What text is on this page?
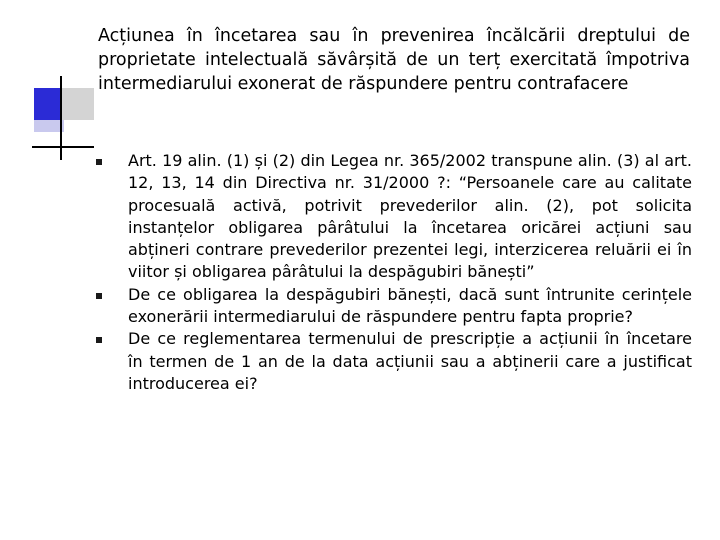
Acțiunea în încetarea sau în prevenirea încălcării dreptului de proprietate intelectuală săvârșită de un terț exercitată împotriva intermediarului exonerat de răspundere pentru contrafacere
Art. 19 alin. (1) și (2) din Legea nr. 365/2002 transpune alin. (3) al art. 12, 13, 14 din Directiva nr. 31/2000 ?: “Persoanele care au calitate procesuală activă, potrivit prevederilor alin. (2), pot solicita instanțelor obligarea pârâtului la încetarea oricărei acțiuni sau abțineri contrare prevederilor prezentei legi, interzicerea reluării ei în viitor și obligarea pârâtului la despăgubiri bănești”
De ce obligarea la despăgubiri bănești, dacă sunt întrunite cerințele exonerării intermediarului de răspundere pentru fapta proprie?
De ce reglementarea termenului de prescripție a acțiunii în încetare în termen de 1 an de la data acțiunii sau a abținerii care a justificat introducerea ei?
